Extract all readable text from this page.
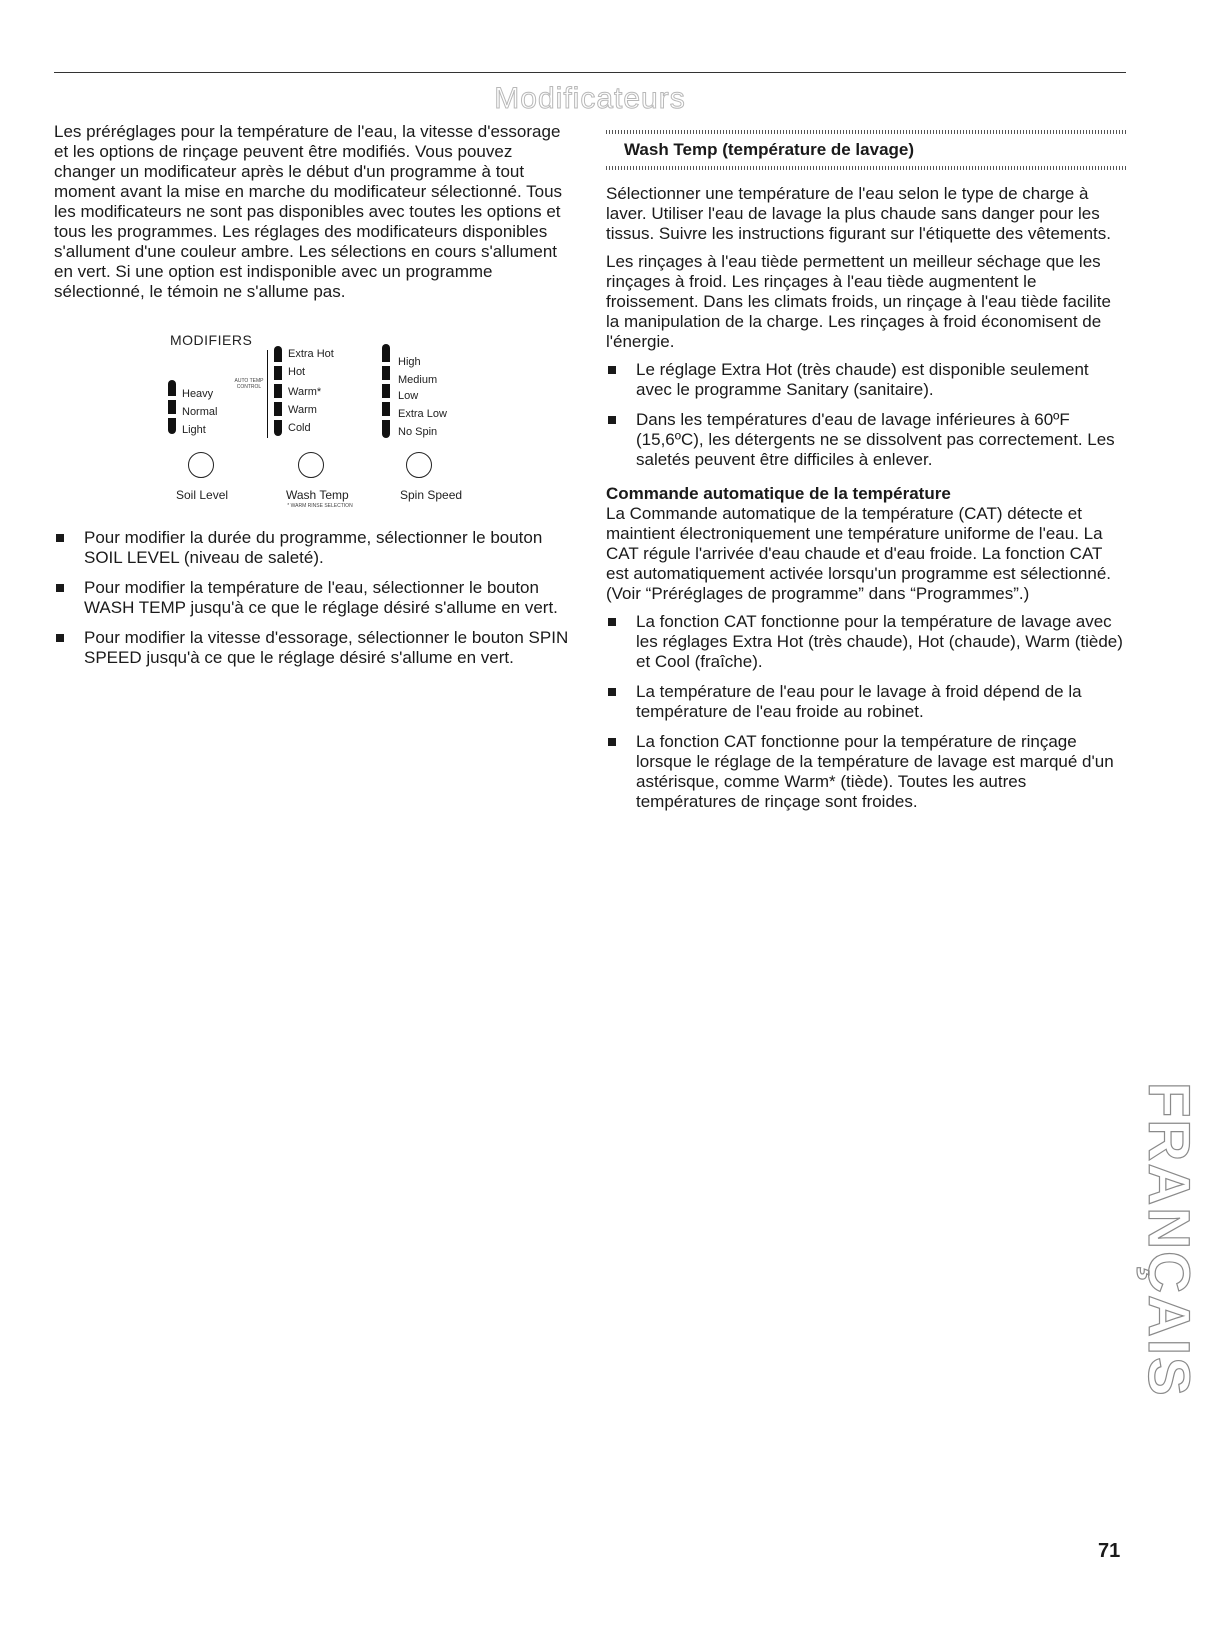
Modificateurs

Les préréglages pour la température de l'eau, la vitesse d'essorage et les options de rinçage peuvent être modifiés. Vous pouvez changer un modificateur après le début d'un programme à tout moment avant la mise en marche du modificateur sélectionné. Tous les modificateurs ne sont pas disponibles avec toutes les options et tous les programmes. Les réglages des modificateurs disponibles s'allument d'une couleur ambre. Les sélections en cours s'allument en vert. Si une option est indisponible avec un programme sélectionné, le témoin ne s'allume pas.

MODIFIERS
Heavy
Normal
Light
AUTO TEMP CONTROL
Extra Hot
Hot
Warm*
Warm
Cold
High
Medium
Low
Extra Low
No Spin
Soil Level	Wash Temp	Spin Speed
* WARM RINSE SELECTION
Pour modifier la durée du programme, sélectionner le bouton SOIL LEVEL (niveau de saleté).
Pour modifier la température de l'eau, sélectionner le bouton WASH TEMP jusqu'à ce que le réglage désiré s'allume en vert.
Pour modifier la vitesse d'essorage, sélectionner le bouton SPIN SPEED jusqu'à ce que le réglage désiré s'allume en vert.
Wash Temp (température de lavage)

Sélectionner une température de l'eau selon le type de charge à laver. Utiliser l'eau de lavage la plus chaude sans danger pour les tissus. Suivre les instructions figurant sur l'étiquette des vêtements.

Les rinçages à l'eau tiède permettent un meilleur séchage que les rinçages à froid. Les rinçages à l'eau tiède augmentent le froissement. Dans les climats froids, un rinçage à l'eau tiède facilite la manipulation de la charge. Les rinçages à froid économisent de l'énergie.

Le réglage Extra Hot (très chaude) est disponible seulement avec le programme Sanitary (sanitaire).
Dans les températures d'eau de lavage inférieures à 60ºF (15,6ºC), les détergents ne se dissolvent pas correctement. Les saletés peuvent être difficiles à enlever.
Commande automatique de la température

La Commande automatique de la température (CAT) détecte et maintient électroniquement une température uniforme de l'eau. La CAT régule l'arrivée d'eau chaude et d'eau froide. La fonction CAT est automatiquement activée lorsqu'un programme est sélectionné. (Voir “Préréglages de programme” dans “Programmes”.)

La fonction CAT fonctionne pour la température de lavage avec les réglages Extra Hot (très chaude), Hot (chaude), Warm (tiède) et Cool (fraîche).
La température de l'eau pour le lavage à froid dépend de la température de l'eau froide au robinet.
La fonction CAT fonctionne pour la température de rinçage lorsque le réglage de la température de lavage est marqué d'un astérisque, comme Warm* (tiède). Toutes les autres températures de rinçage sont froides.
FRANÇAIS
71
